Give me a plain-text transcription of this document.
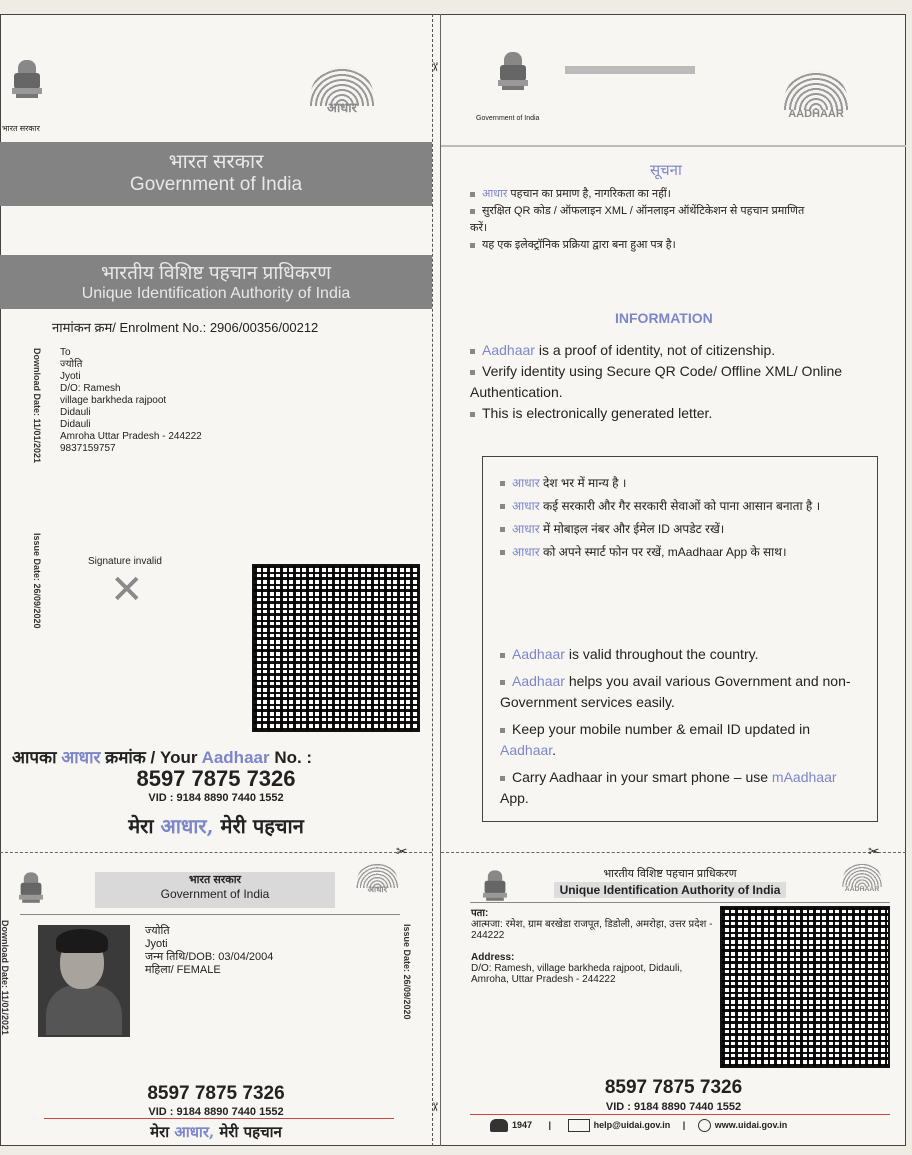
✂	✂
✂
✂
भारत सरकार
आधार
भारत सरकार
Government of India
भारतीय विशिष्ट पहचान प्राधिकरण
Unique Identification Authority of India
नामांकन क्रम/ Enrolment No.: 2906/00356/00212
Download Date: 11/01/2021
Issue Date: 26/09/2020
To
ज्योति
Jyoti
D/O: Ramesh
village barkheda rajpoot
Didauli
Didauli
Amroha Uttar Pradesh - 244222
9837159757
Signature invalid
✕
आपका आधार क्रमांक / Your Aadhaar No. :
8597 7875 7326
VID : 9184 8890 7440 1552
मेरा आधार, मेरी पहचान
Government of India	AADHAAR
सूचना
आधार पहचान का प्रमाण है, नागरिकता का नहीं।
सुरक्षित QR कोड / ऑफलाइन XML / ऑनलाइन ऑथेंटिकेशन से पहचान प्रमाणित करें।
यह एक इलेक्ट्रॉनिक प्रक्रिया द्वारा बना हुआ पत्र है।
INFORMATION
Aadhaar is a proof of identity, not of citizenship.
Verify identity using Secure QR Code/ Offline XML/ Online Authentication.
This is electronically generated letter.
आधार देश भर में मान्य है ।
आधार कई सरकारी और गैर सरकारी सेवाओं को पाना आसान बनाता है ।
आधार में मोबाइल नंबर और ईमेल ID अपडेट रखें।
आधार को अपने स्मार्ट फोन पर रखें, mAadhaar App के साथ।
Aadhaar is valid throughout the country.
Aadhaar helps you avail various Government and non-Government services easily.
Keep your mobile number & email ID updated in Aadhaar.
Carry Aadhaar in your smart phone – use mAadhaar App.
भारत सरकार
Government of India	आधार
Download Date: 11/01/2021	Issue Date: 26/09/2020
ज्योति
Jyoti
जन्म तिथि/DOB: 03/04/2004
महिला/ FEMALE
8597 7875 7326
VID : 9184 8890 7440 1552
मेरा आधार, मेरी पहचान
भारतीय विशिष्ट पहचान प्राधिकरण
Unique Identification Authority of India	AADHAAR
पता:
आत्मजा: रमेश, ग्राम बरखेडा राजपूत, डिडोली, अमरोहा, उत्तर प्रदेश - 244222
Address:
D/O: Ramesh, village barkheda rajpoot, Didauli, Amroha, Uttar Pradesh - 244222
8597 7875 7326
VID : 9184 8890 7440 1552
1947 |	help@uidai.gov.in |	www.uidai.gov.in
